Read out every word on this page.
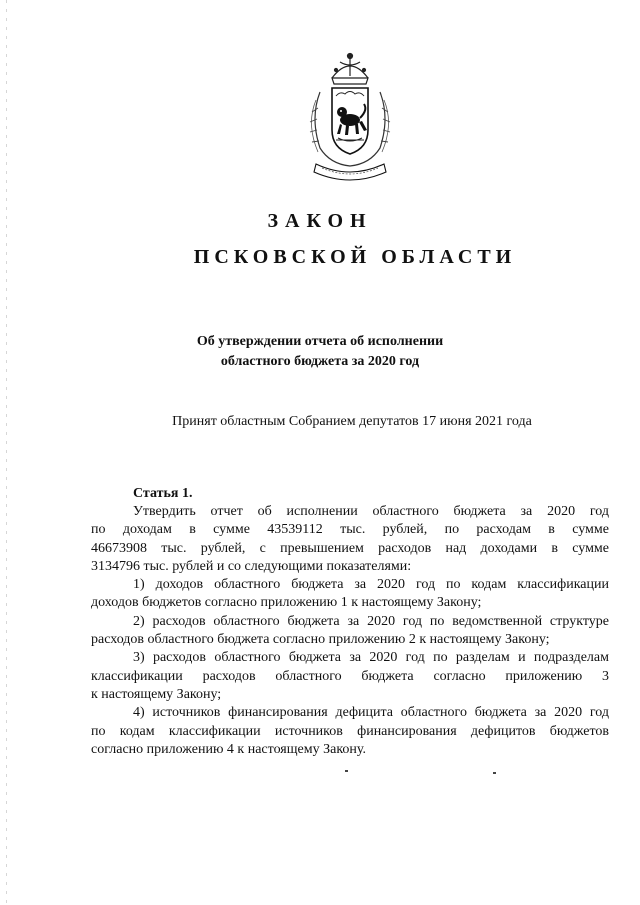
ЗАКОН
ПСКОВСКОЙ ОБЛАСТИ
Об утверждении отчета об исполнении
областного бюджета за 2020 год
Принят областным Собранием депутатов 17 июня 2021 года
Статья 1.
Утвердить отчет об исполнении областного бюджета за 2020 год
по доходам в сумме 43539112 тыс. рублей, по расходам в сумме
46673908 тыс. рублей, с превышением расходов над доходами в сумме
3134796 тыс. рублей и со следующими показателями:
1) доходов областного бюджета за 2020 год по кодам классификации
доходов бюджетов согласно приложению 1 к настоящему Закону;
2) расходов областного бюджета за 2020 год по ведомственной структуре
расходов областного бюджета согласно приложению 2 к настоящему Закону;
3) расходов областного бюджета за 2020 год по разделам и подразделам
классификации расходов областного бюджета согласно приложению 3
к настоящему Закону;
4) источников финансирования дефицита областного бюджета за 2020 год
по кодам классификации источников финансирования дефицитов бюджетов
согласно приложению 4 к настоящему Закону.
